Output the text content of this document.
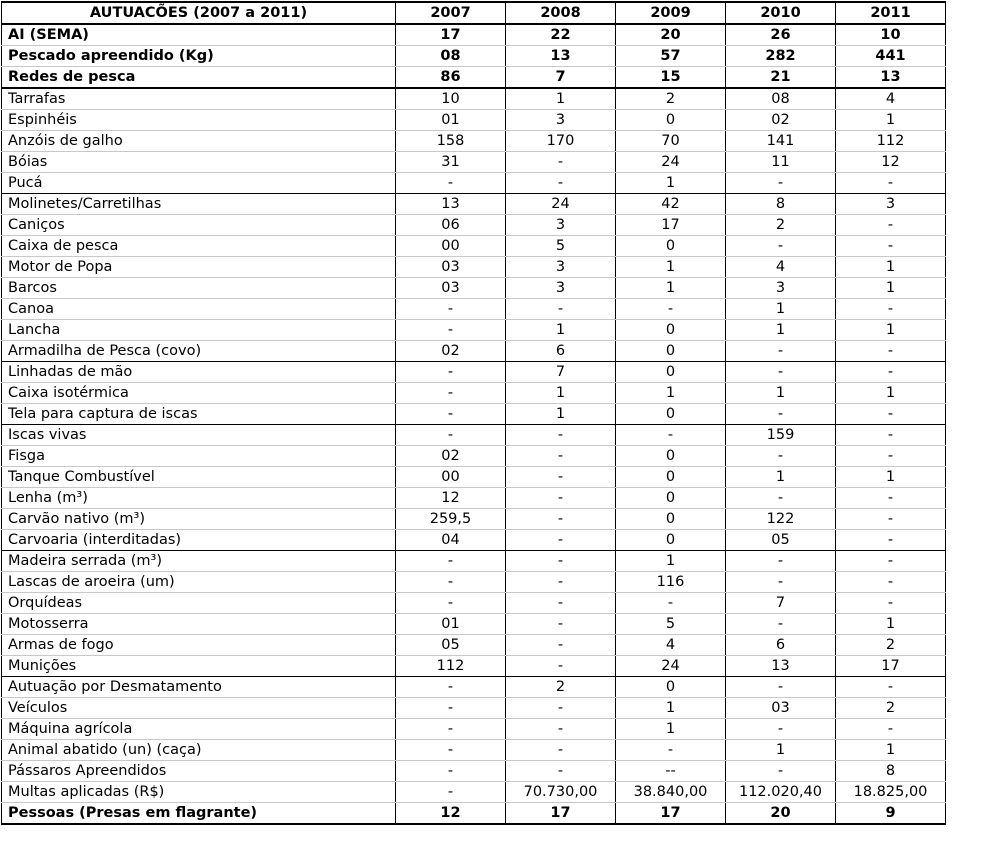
AUTUACÕES (2007 a 2011)	2007	2008	2009	2010	2011
AI (SEMA)	17	22	20	26	10
Pescado apreendido (Kg)	08	13	57	282	441
Redes de pesca	86	7	15	21	13
Tarrafas	10	1	2	08	4
Espinhéis	01	3	0	02	1
Anzóis de galho	158	170	70	141	112
Bóias	31	-	24	11	12
Pucá	-	-	1	-	-
Molinetes/Carretilhas	13	24	42	8	3
Caniços	06	3	17	2	-
Caixa de pesca	00	5	0	-	-
Motor de Popa	03	3	1	4	1
Barcos	03	3	1	3	1
Canoa	-	-	-	1	-
Lancha	-	1	0	1	1
Armadilha de Pesca (covo)	02	6	0	-	-
Linhadas de mão	-	7	0	-	-
Caixa isotérmica	-	1	1	1	1
Tela para captura de iscas	-	1	0	-	-
Iscas vivas	-	-	-	159	-
Fisga	02	-	0	-	-
Tanque Combustível	00	-	0	1	1
Lenha (m³)	12	-	0	-	-
Carvão nativo (m³)	259,5	-	0	122	-
Carvoaria (interditadas)	04	-	0	05	-
Madeira serrada (m³)	-	-	1	-	-
Lascas de aroeira (um)	-	-	116	-	-
Orquídeas	-	-	-	7	-
Motosserra	01	-	5	-	1
Armas de fogo	05	-	4	6	2
Munições	112	-	24	13	17
Autuação por Desmatamento	-	2	0	-	-
Veículos	-	-	1	03	2
Máquina agrícola	-	-	1	-	-
Animal abatido (un) (caça)	-	-	-	1	1
Pássaros Apreendidos	-	-	--	-	8
Multas aplicadas (R$)	-	70.730,00	38.840,00	112.020,40	18.825,00
Pessoas (Presas em flagrante)	12	17	17	20	9
